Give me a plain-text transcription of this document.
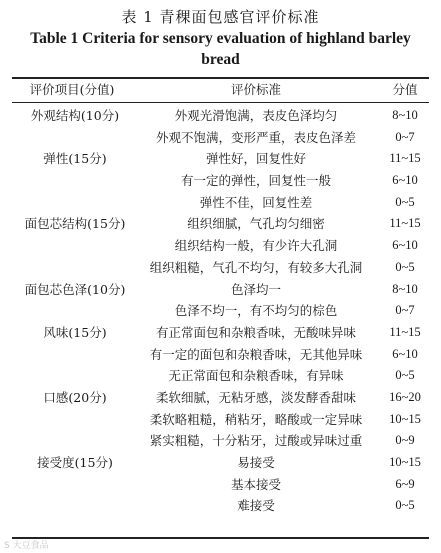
表 1 青稞面包感官评价标准
Table 1 Criteria for sensory evaluation of highland barley bread
评价项目(分值)	评价标准	分值
外观结构(10分)	外观光滑饱满，表皮色泽均匀	8~10
外观不饱满，变形严重，表皮色泽差	0~7
弹性(15分)	弹性好，回复性好	11~15
有一定的弹性，回复性一般	6~10
弹性不佳，回复性差	0~5
面包芯结构(15分)	组织细腻，气孔均匀细密	11~15
组织结构一般，有少许大孔洞	6~10
组织粗糙，气孔不均匀，有较多大孔洞	0~5
面包芯色泽(10分)	色泽均一	8~10
色泽不均一，有不均匀的棕色	0~7
风味(15分)	有正常面包和杂粮香味，无酸味异味	11~15
有一定的面包和杂粮香味，无其他异味	6~10
无正常面包和杂粮香味，有异味	0~5
口感(20分)	柔软细腻，无粘牙感，淡发酵香甜味	16~20
柔软略粗糙，稍粘牙，略酸或一定异味	10~15
紧实粗糙，十分粘牙，过酸或异味过重	0~9
接受度(15分)	易接受	10~15
基本接受	6~9
难接受	0~5
S 大豆食品
